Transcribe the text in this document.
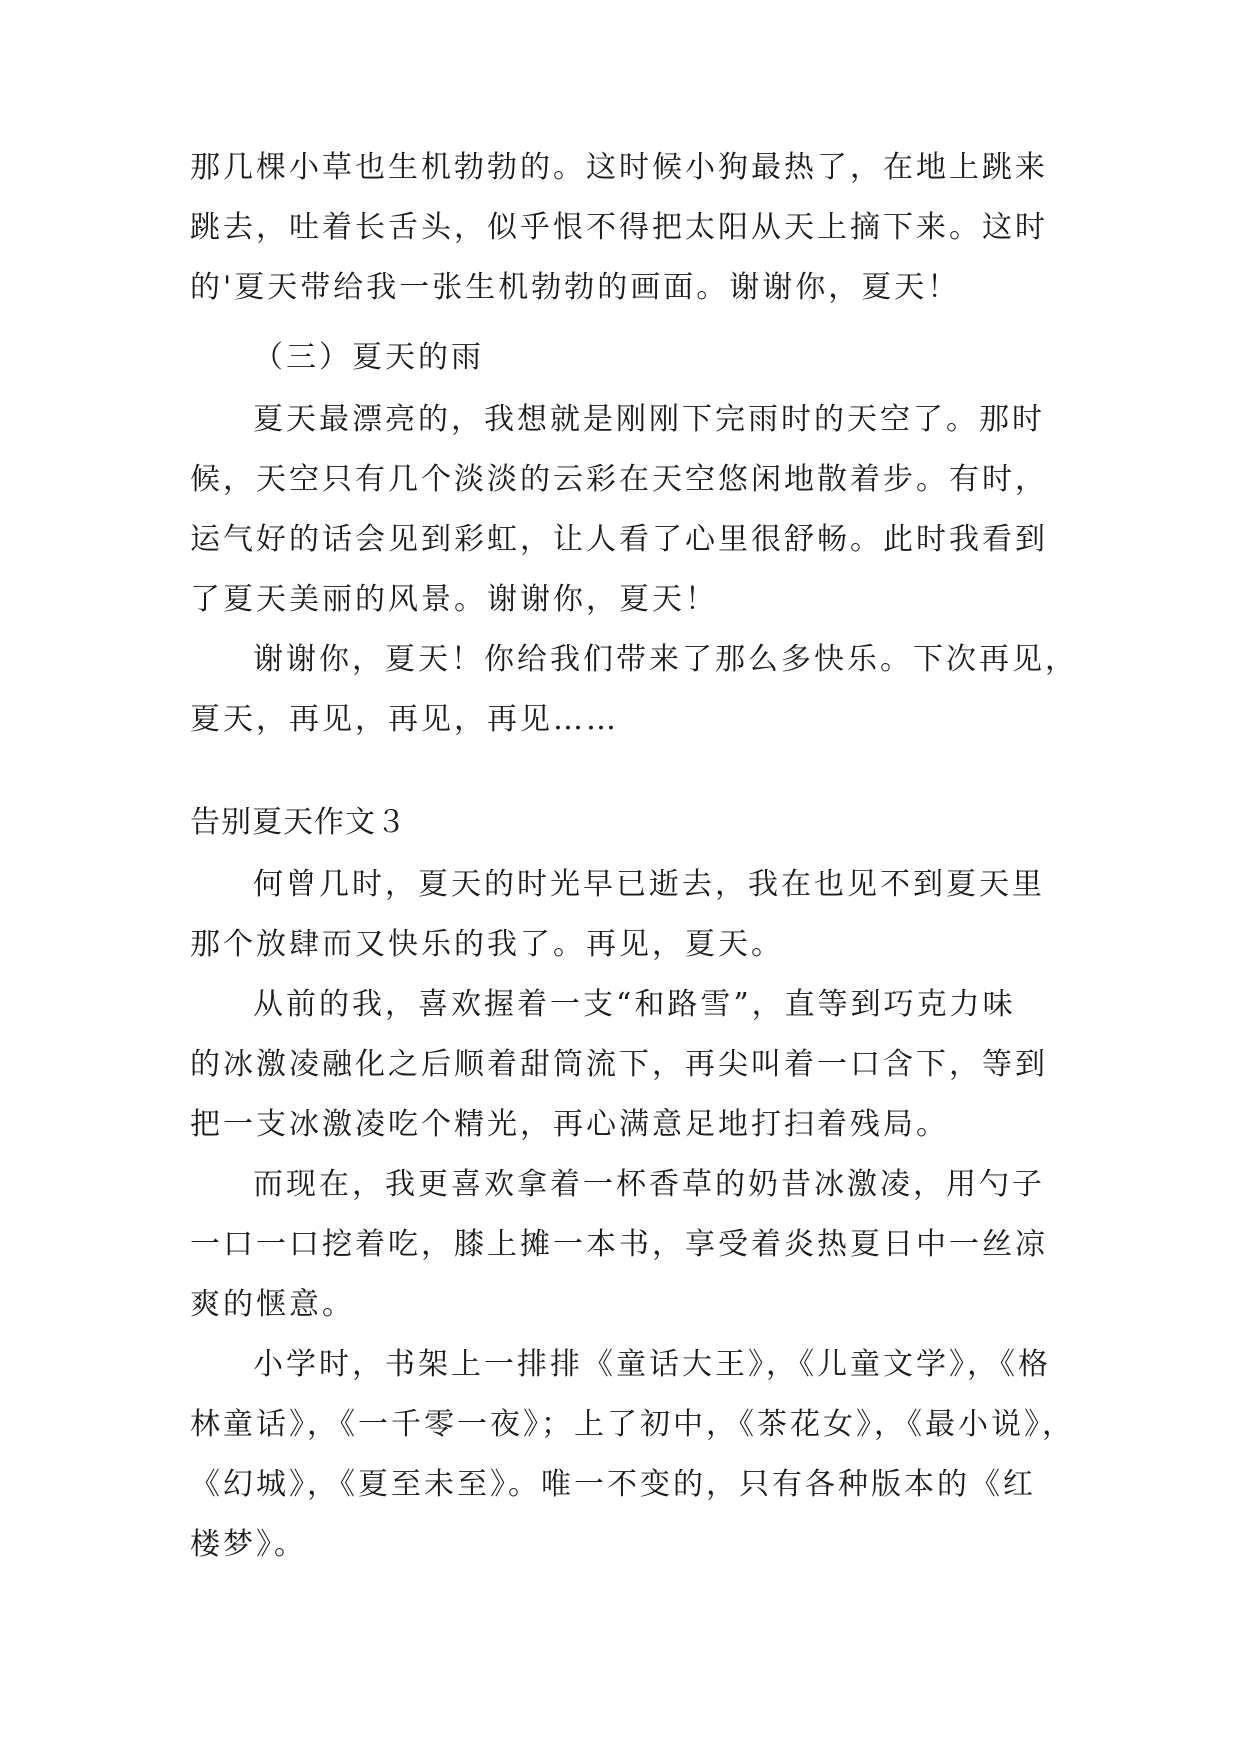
那几棵小草也生机勃勃的。这时候小狗最热了，在地上跳来
跳去，吐着长舌头，似乎恨不得把太阳从天上摘下来。这时
的'夏天带给我一张生机勃勃的画面。谢谢你，夏天！
（三）夏天的雨
夏天最漂亮的，我想就是刚刚下完雨时的天空了。那时
候，天空只有几个淡淡的云彩在天空悠闲地散着步。有时，
运气好的话会见到彩虹，让人看了心里很舒畅。此时我看到
了夏天美丽的风景。谢谢你，夏天！
谢谢你，夏天！你给我们带来了那么多快乐。下次再见，
夏天，再见，再见，再见……
告别夏天作文３
何曾几时，夏天的时光早已逝去，我在也见不到夏天里
那个放肆而又快乐的我了。再见，夏天。
从前的我，喜欢握着一支“和路雪”，直等到巧克力味
的冰激凌融化之后顺着甜筒流下，再尖叫着一口含下，等到
把一支冰激凌吃个精光，再心满意足地打扫着残局。
而现在，我更喜欢拿着一杯香草的奶昔冰激凌，用勺子
一口一口挖着吃，膝上摊一本书，享受着炎热夏日中一丝凉
爽的惬意。
小学时，书架上一排排《童话大王》，《儿童文学》，《格
林童话》，《一千零一夜》；上了初中，《茶花女》，《最小说》，
《幻城》，《夏至未至》。唯一不变的，只有各种版本的《红
楼梦》。
